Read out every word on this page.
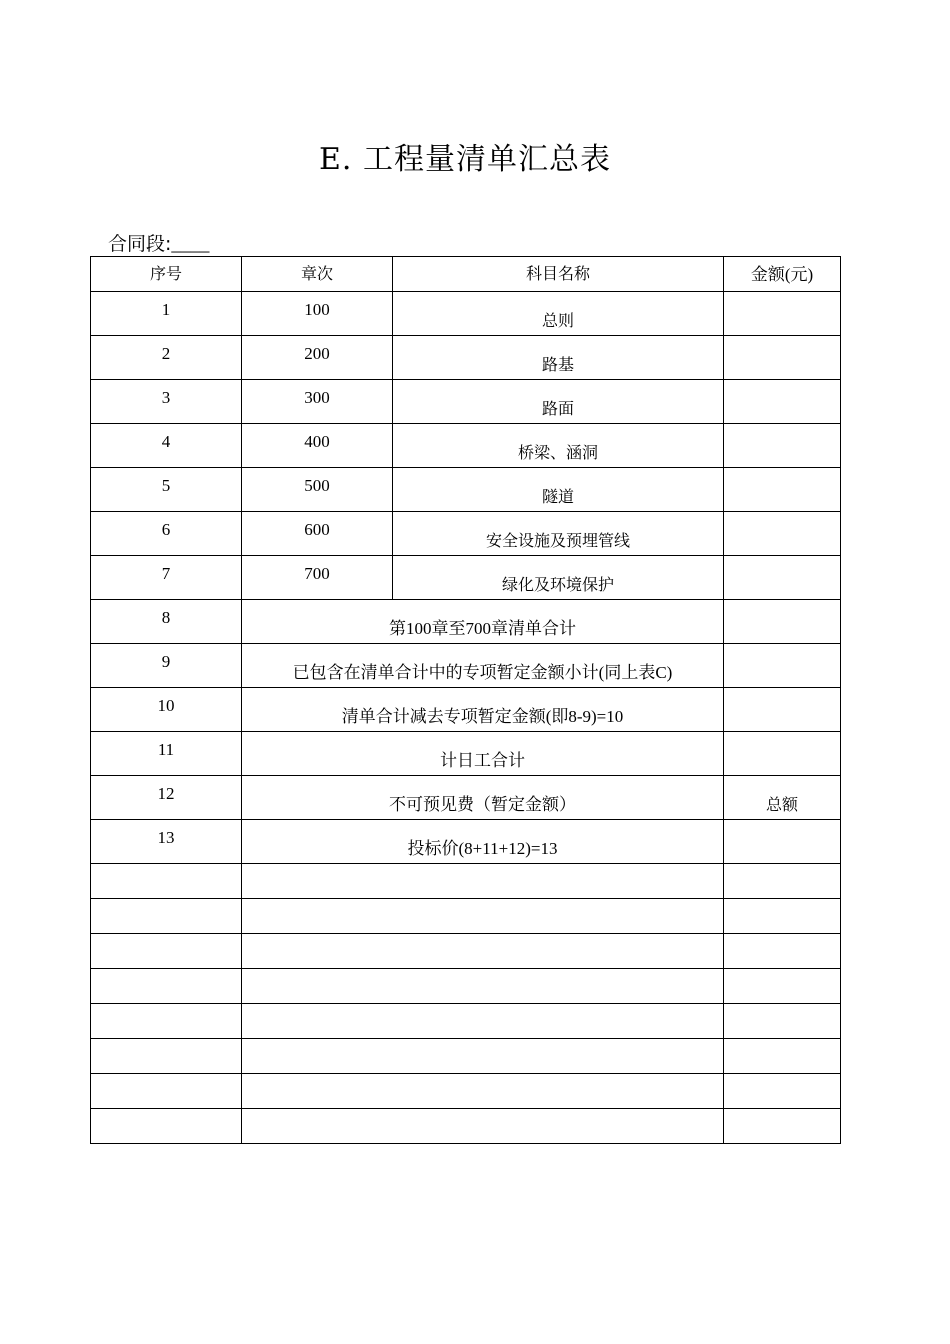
E. 工程量清单汇总表
合同段:____
序号	章次	科目名称	金额(元)
1	100	总则	
2	200	路基	
3	300	路面	
4	400	桥梁、涵洞	
5	500	隧道	
6	600	安全设施及预埋管线	
7	700	绿化及环境保护	
8	第100章至700章清单合计		
9	已包含在清单合计中的专项暂定金额小计(同上表C)		
10	清单合计减去专项暂定金额(即8-9)=10		
11	计日工合计		
12	不可预见费（暂定金额）		总额
13	投标价(8+11+12)=13		
